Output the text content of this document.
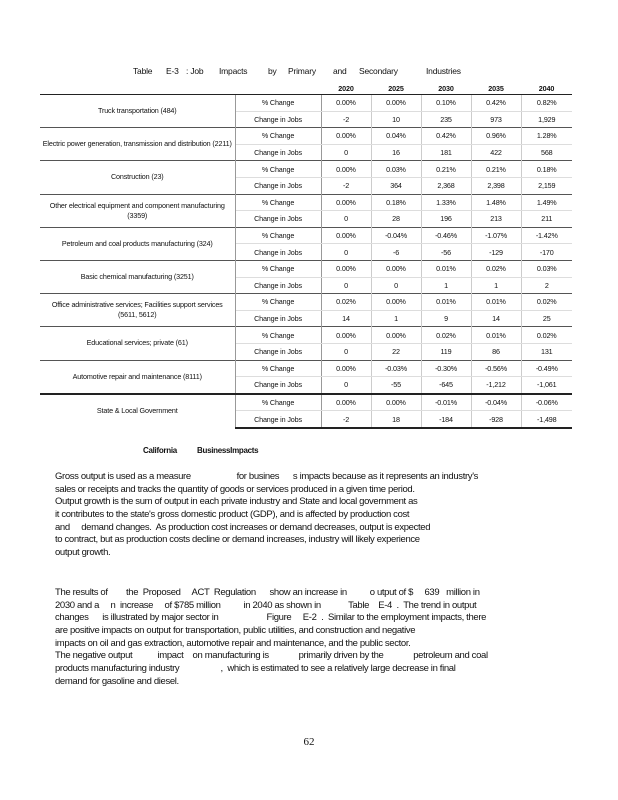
Table E-3 : Job Impacts by Primary and Secondary	Industries
		2020	2025	2030	2035	2040
Truck transportation (484)	% Change	0.00%	0.00%	0.10%	0.42%	0.82%
	Change in Jobs	-2	10	235	973	1,929
Electric power generation, transmission and distribution (2211)	% Change	0.00%	0.04%	0.42%	0.96%	1.28%
	Change in Jobs	0	16	181	422	568
Construction (23)	% Change	0.00%	0.03%	0.21%	0.21%	0.18%
	Change in Jobs	-2	364	2,368	2,398	2,159
Other electrical equipment and component manufacturing (3359)	% Change	0.00%	0.18%	1.33%	1.48%	1.49%
	Change in Jobs	0	28	196	213	211
Petroleum and coal products manufacturing (324)	% Change	0.00%	-0.04%	-0.46%	-1.07%	-1.42%
	Change in Jobs	0	-6	-56	-129	-170
Basic chemical manufacturing (3251)	% Change	0.00%	0.00%	0.01%	0.02%	0.03%
	Change in Jobs	0	0	1	1	2
Office administrative services; Facilities support services (5611, 5612)	% Change	0.02%	0.00%	0.01%	0.01%	0.02%
	Change in Jobs	14	1	9	14	25
Educational services; private (61)	% Change	0.00%	0.00%	0.02%	0.01%	0.02%
	Change in Jobs	0	22	119	86	131
Automotive repair and maintenance (8111)	% Change	0.00%	-0.03%	-0.30%	-0.56%	-0.49%
	Change in Jobs	0	-55	-645	-1,212	-1,061
State & Local Government	% Change	0.00%	0.00%	-0.01%	-0.04%	-0.06%
	Change in Jobs	-2	18	-184	-928	-1,498
California	BusinessImpacts
Gross output is used as a measure                    for busines      s impacts because as it represents an industry's
sales or receipts and tracks the quantity of goods or services produced in a given time period.
Output growth is the sum of output in each private industry and State and local government as
it contributes to the state's gross domestic product (GDP), and is affected by production cost
and     demand changes.  As production cost increases or demand decreases, output is expected
to contract, but as production costs decline or demand increases, industry will likely experience
output growth.
The results of        the  Proposed     ACT  Regulation      show an increase in          o utput of $     639   million in
2030 and a     n  increase     of $785 million          in 2040 as shown in            Table    E-4  .  The trend in output
changes      is illustrated by major sector in                     Figure     E-2  .  Similar to the employment impacts, there
are positive impacts on output for transportation, public utilities, and construction and negative
impacts on oil and gas extraction, automotive repair and maintenance, and the public sector.
The negative output           impact    on manufacturing is             primarily driven by the             petroleum and coal
products manufacturing industry                  ,  which is estimated to see a relatively large decrease in final
demand for gasoline and diesel.
62
